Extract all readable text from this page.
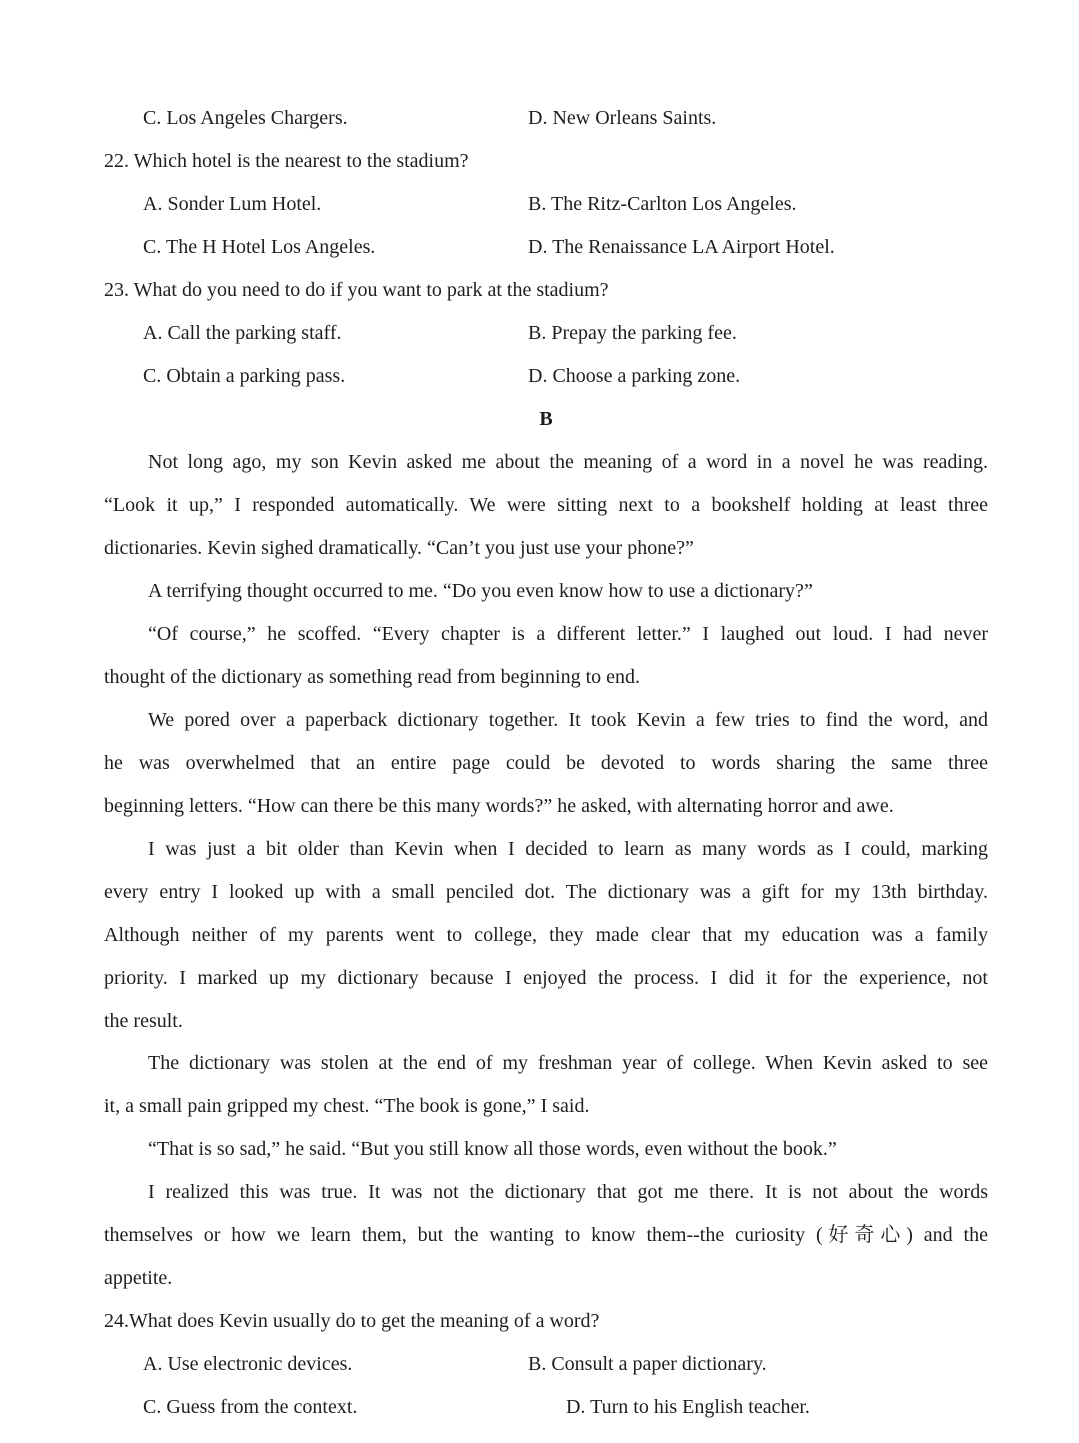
C. Los Angeles Chargers.	D. New Orleans Saints.
22. Which hotel is the nearest to the stadium?
A. Sonder Lum Hotel.	B. The Ritz-Carlton Los Angeles.
C. The H Hotel Los Angeles.	D. The Renaissance LA Airport Hotel.
23. What do you need to do if you want to park at the stadium?
A. Call the parking staff.	B. Prepay the parking fee.
C. Obtain a parking pass.	D. Choose a parking zone.
B
Not long ago, my son Kevin asked me about the meaning of a word in a novel he was reading.
“Look it up,” I responded automatically. We were sitting next to a bookshelf holding at least three
dictionaries. Kevin sighed dramatically. “Can’t you just use your phone?”
A terrifying thought occurred to me. “Do you even know how to use a dictionary?”
“Of course,” he scoffed. “Every chapter is a different letter.” I laughed out loud. I had never
thought of the dictionary as something read from beginning to end.
We pored over a paperback dictionary together. It took Kevin a few tries to find the word, and
he was overwhelmed that an entire page could be devoted to words sharing the same three
beginning letters. “How can there be this many words?” he asked, with alternating horror and awe.
I was just a bit older than Kevin when I decided to learn as many words as I could, marking
every entry I looked up with a small penciled dot. The dictionary was a gift for my 13th birthday.
Although neither of my parents went to college, they made clear that my education was a family
priority. I marked up my dictionary because I enjoyed the process. I did it for the experience, not
the result.
The dictionary was stolen at the end of my freshman year of college. When Kevin asked to see
it, a small pain gripped my chest. “The book is gone,” I said.
“That is so sad,” he said. “But you still know all those words, even without the book.”
I realized this was true. It was not the dictionary that got me there. It is not about the words
themselves or how we learn them, but the wanting to know them--the curiosity (好奇心) and the
appetite.
24.What does Kevin usually do to get the meaning of a word?
A. Use electronic devices.	B. Consult a paper dictionary.
C. Guess from the context.	D. Turn to his English teacher.
